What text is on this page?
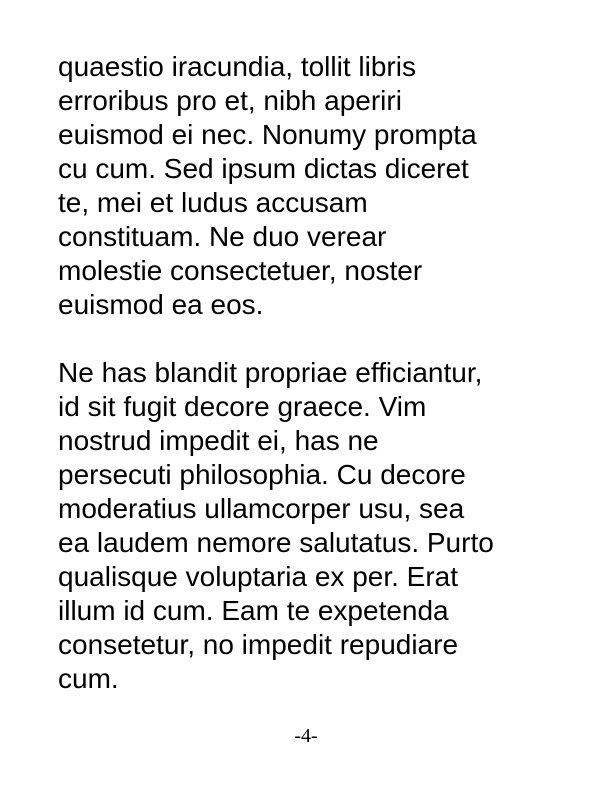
quaestio iracundia, tollit libris
erroribus pro et, nibh aperiri
euismod ei nec. Nonumy prompta
cu cum. Sed ipsum dictas diceret
te, mei et ludus accusam
constituam. Ne duo verear
molestie consectetuer, noster
euismod ea eos.

Ne has blandit propriae efficiantur,
id sit fugit decore graece. Vim
nostrud impedit ei, has ne
persecuti philosophia. Cu decore
moderatius ullamcorper usu, sea
ea laudem nemore salutatus. Purto
qualisque voluptaria ex per. Erat
illum id cum. Eam te expetenda
consetetur, no impedit repudiare
cum.

-4-
